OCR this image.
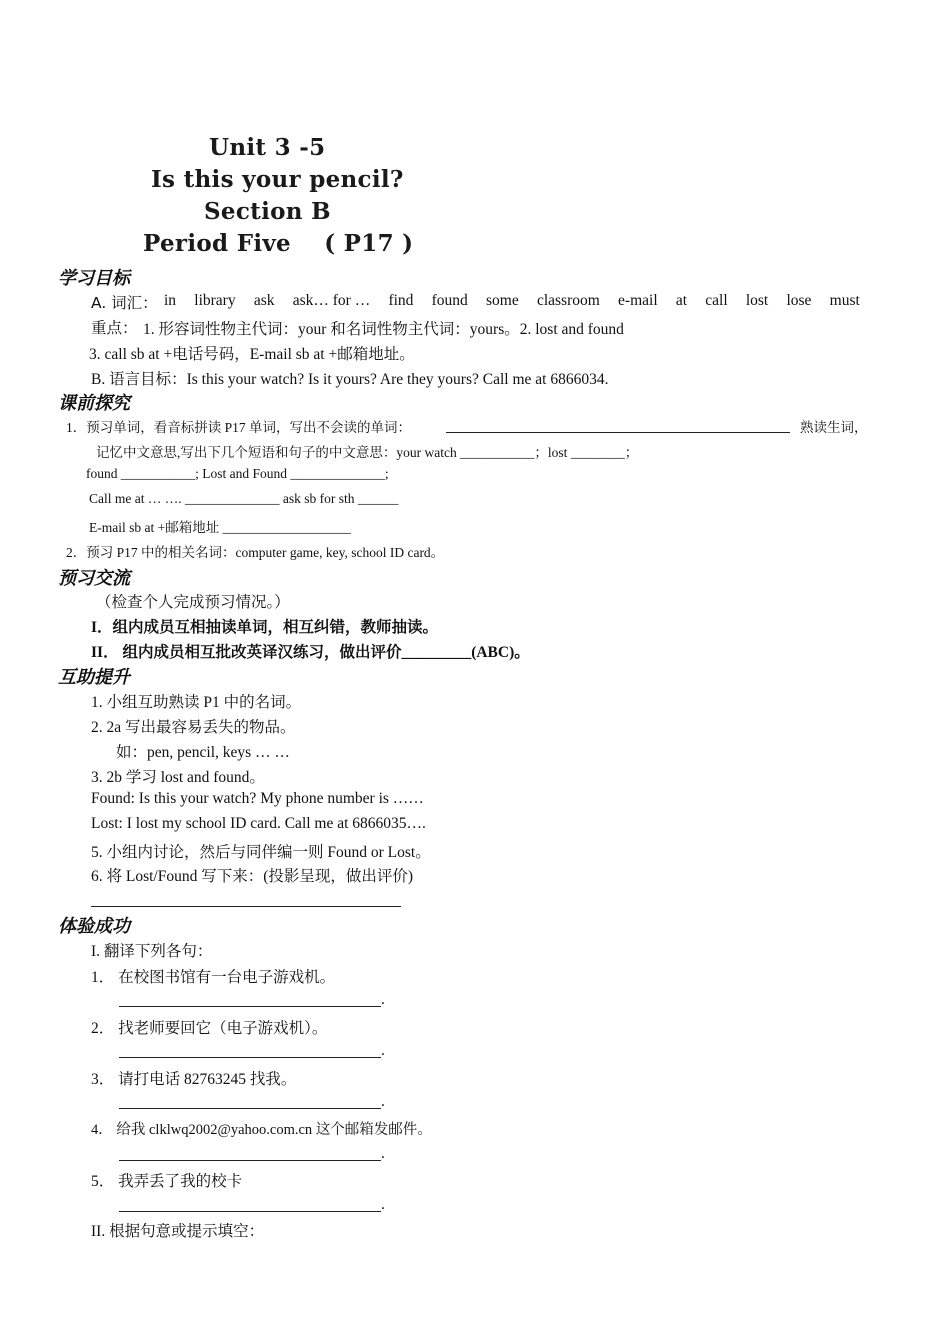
Unit 3 -5
Is this your pencil?
Section B
Period Five    ( P17 )
学习目标
A. 词汇： in library ask ask… for … find found some classroom e-mail at call lost lose must
重点： 1. 形容词性物主代词：your 和名词性物主代词：yours。2. lost and found
3. call sb at +电话号码，E-mail sb at +邮箱地址。
B. 语言目标：Is this your watch? Is it yours? Are they yours? Call me at 6866034.
课前探究
1．预习单词，看音标拼读 P17 单词，写出不会读的单词：	熟读生词，
记忆中文意思,写出下几个短语和句子的中文意思：your watch ___________；lost ________；
found ___________; Lost and Found ______________;
Call me at … …. ______________ ask sb for sth ______
E-mail sb at +邮箱地址 ___________________
2．预习 P17 中的相关名词：computer game, key, school ID card。
预习交流
（检查个人完成预习情况。）
I．组内成员互相抽读单词，相互纠错，教师抽读。
II． 组内成员相互批改英译汉练习，做出评价_________(ABC)。
互助提升
1. 小组互助熟读 P1 中的名词。
2. 2a 写出最容易丢失的物品。
如：pen, pencil, keys … …
3. 2b 学习 lost and found。
Found: Is this your watch? My phone number is ……
Lost: I lost my school ID card. Call me at 6866035….
5. 小组内讨论，然后与同伴编一则 Found or Lost。
6. 将 Lost/Found 写下来：(投影呈现，做出评价)
体验成功
I. 翻译下列各句：
1． 在校图书馆有一台电子游戏机。
.
2． 找老师要回它（电子游戏机）。
.
3． 请打电话 82763245 找我。
.
4． 给我 clklwq2002@yahoo.com.cn 这个邮箱发邮件。
.
5． 我弄丢了我的校卡
.
II. 根据句意或提示填空：
